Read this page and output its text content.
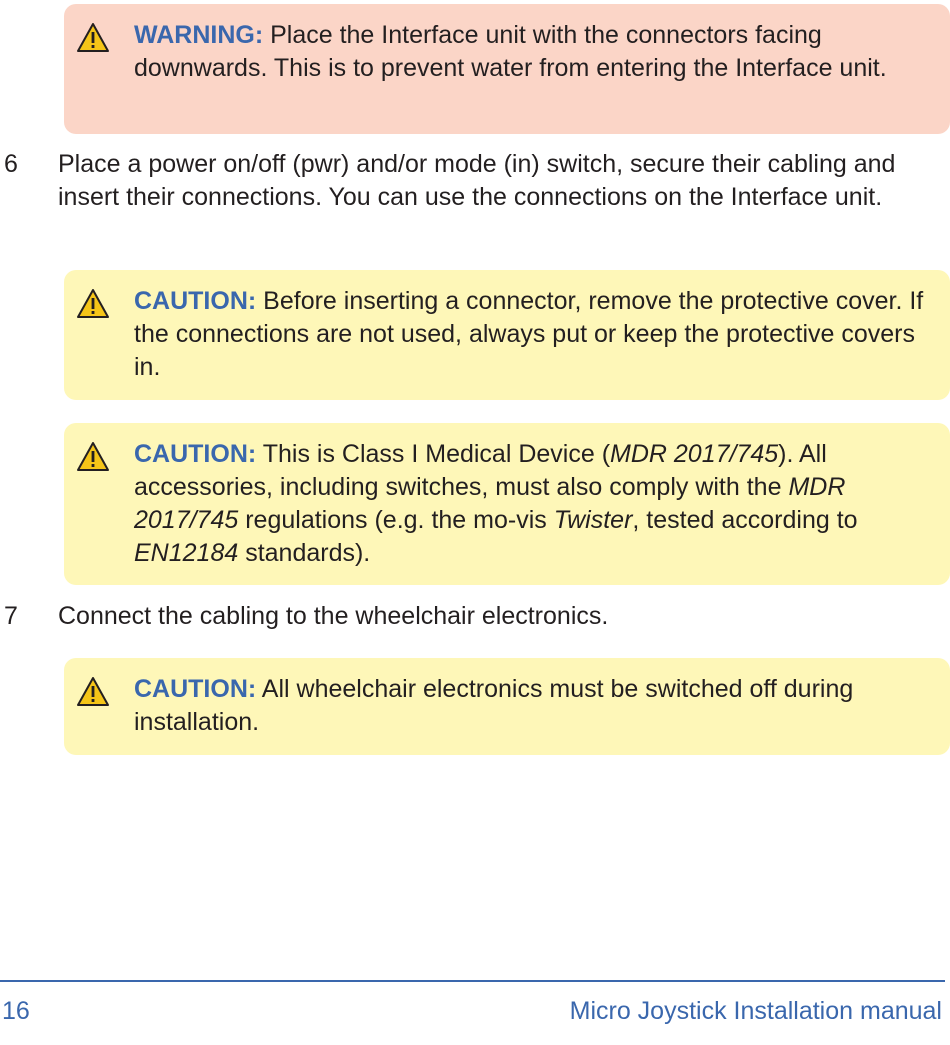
WARNING: Place the Interface unit with the connectors facing downwards. This is to prevent water from entering the Interface unit.
6	Place a power on/off (pwr) and/or mode (in) switch, secure their cabling and insert their connections. You can use the connections on the Interface unit.
CAUTION: Before inserting a connector, remove the protective cover. If the connections are not used, always put or keep the protective covers in.
CAUTION: This is Class I Medical Device (MDR 2017/745). All accessories, including switches, must also comply with the MDR 2017/745 regulations (e.g. the mo-vis Twister, tested according to EN12184 standards).
7	Connect the cabling to the wheelchair electronics.
CAUTION: All wheelchair electronics must be switched off during installation.
16	Micro Joystick Installation manual
